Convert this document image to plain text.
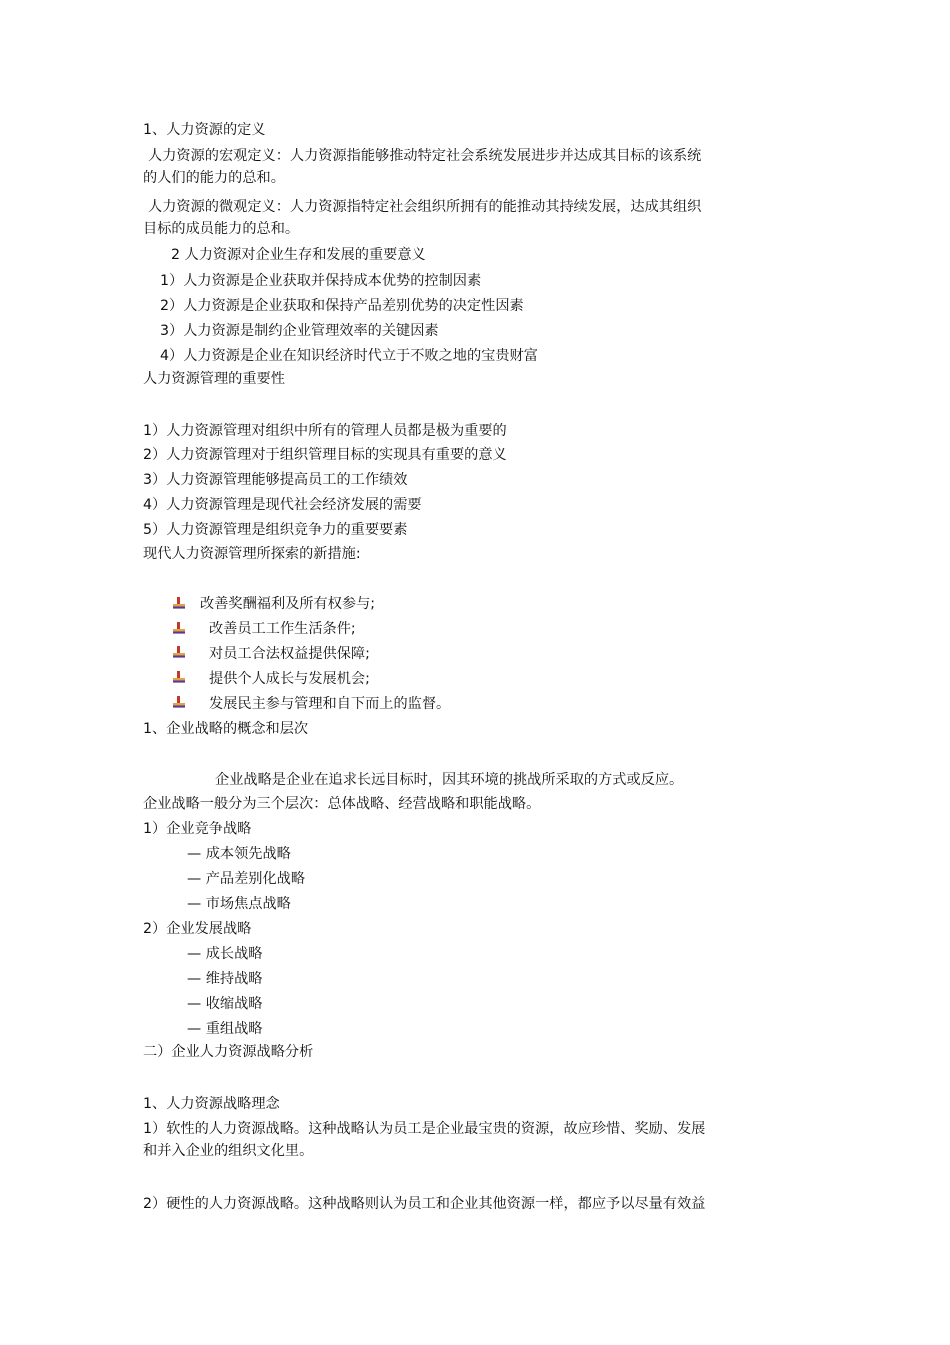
1、人力资源的定义
人力资源的宏观定义：人力资源指能够推动特定社会系统发展进步并达成其目标的该系统
的人们的能力的总和。
人力资源的微观定义：人力资源指特定社会组织所拥有的能推动其持续发展，达成其组织
目标的成员能力的总和。
2 人力资源对企业生存和发展的重要意义
1）人力资源是企业获取并保持成本优势的控制因素
2）人力资源是企业获取和保持产品差别优势的决定性因素
3）人力资源是制约企业管理效率的关键因素
4）人力资源是企业在知识经济时代立于不败之地的宝贵财富
人力资源管理的重要性
1）人力资源管理对组织中所有的管理人员都是极为重要的
2）人力资源管理对于组织管理目标的实现具有重要的意义
3）人力资源管理能够提高员工的工作绩效
4）人力资源管理是现代社会经济发展的需要
5）人力资源管理是组织竞争力的重要要素
现代人力资源管理所探索的新措施:
改善奖酬福利及所有权参与;
改善员工工作生活条件;
对员工合法权益提供保障;
提供个人成长与发展机会;
发展民主参与管理和自下而上的监督。
1、企业战略的概念和层次
企业战略是企业在追求长远目标时，因其环境的挑战所采取的方式或反应。
企业战略一般分为三个层次：总体战略、经营战略和职能战略。
1）企业竞争战略
— 成本领先战略
— 产品差别化战略
— 市场焦点战略
2）企业发展战略
— 成长战略
— 维持战略
— 收缩战略
— 重组战略
二）企业人力资源战略分析
1、人力资源战略理念
1）软性的人力资源战略。这种战略认为员工是企业最宝贵的资源，故应珍惜、奖励、发展
和并入企业的组织文化里。
2）硬性的人力资源战略。这种战略则认为员工和企业其他资源一样，都应予以尽量有效益
